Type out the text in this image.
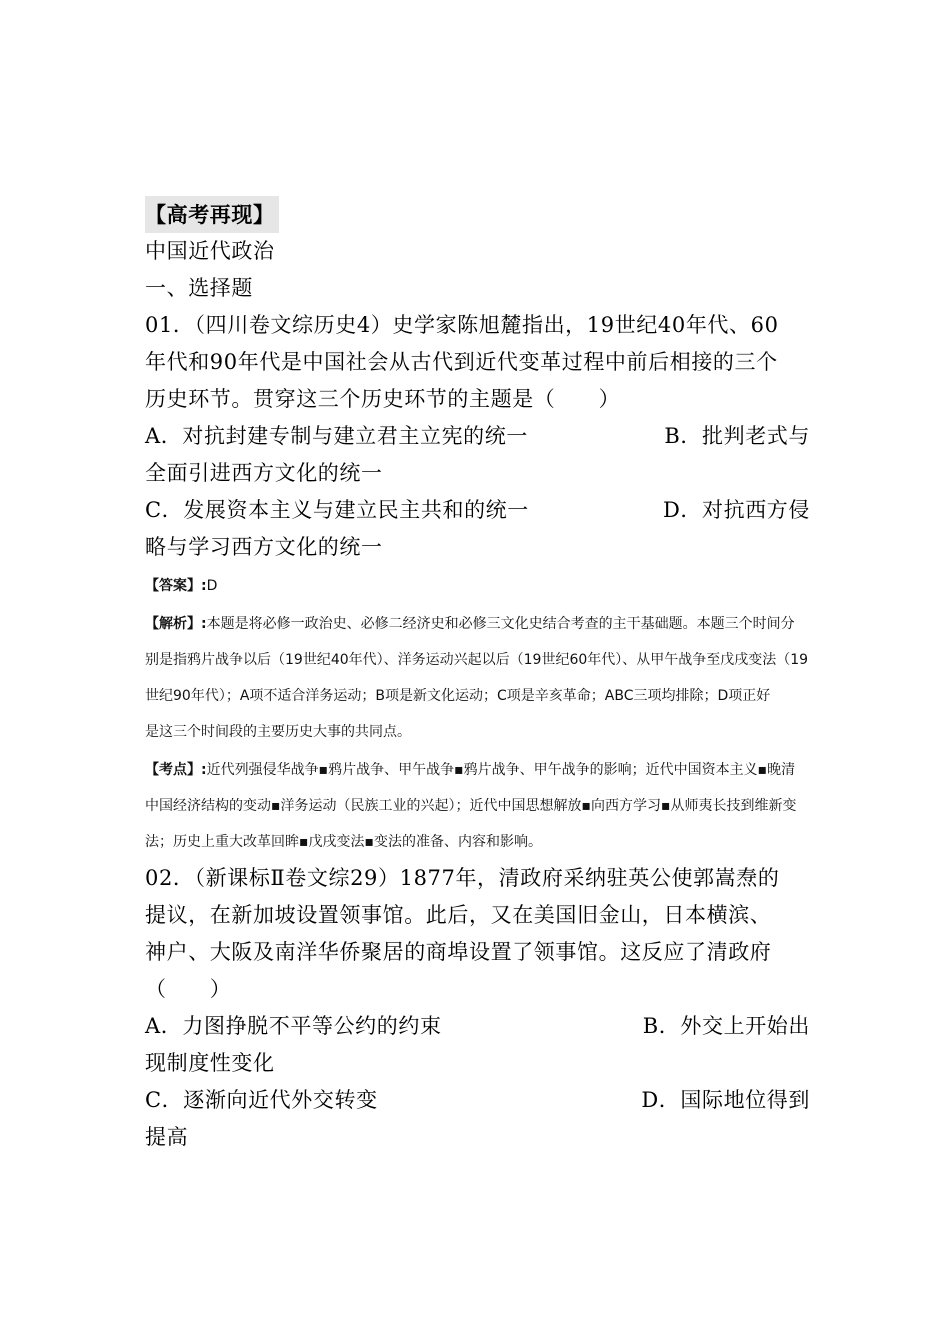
【高考再现】
中国近代政治
一、选择题
01．（四川卷文综历史4）史学家陈旭麓指出，19世纪40年代、60
年代和90年代是中国社会从古代到近代变革过程中前后相接的三个
历史环节。贯穿这三个历史环节的主题是（　　）
A．对抗封建专制与建立君主立宪的统一	B．批判老式与
全面引进西方文化的统一
C．发展资本主义与建立民主共和的统一	D．对抗西方侵
略与学习西方文化的统一
【答案】:D
【解析】:本题是将必修一政治史、必修二经济史和必修三文化史结合考查的主干基础题。本题三个时间分
别是指鸦片战争以后（19世纪40年代）、洋务运动兴起以后（19世纪60年代）、从甲午战争至戊戌变法（19
世纪90年代）；A项不适合洋务运动；B项是新文化运动；C项是辛亥革命；ABC三项均排除；D项正好
是这三个时间段的主要历史大事的共同点。
【考点】:近代列强侵华战争▪鸦片战争、甲午战争▪鸦片战争、甲午战争的影响；近代中国资本主义▪晚清
中国经济结构的变动▪洋务运动（民族工业的兴起）；近代中国思想解放▪向西方学习▪从师夷长技到维新变
法；历史上重大改革回眸▪戊戌变法▪变法的准备、内容和影响。
02．（新课标Ⅱ卷文综29）1877年，清政府采纳驻英公使郭嵩焘的
提议，在新加坡设置领事馆。此后，又在美国旧金山，日本横滨、
神户、大阪及南洋华侨聚居的商埠设置了领事馆。这反应了清政府
（　　）
A．力图挣脱不平等公约的约束	B．外交上开始出
现制度性变化
C．逐渐向近代外交转变	D．国际地位得到
提高
